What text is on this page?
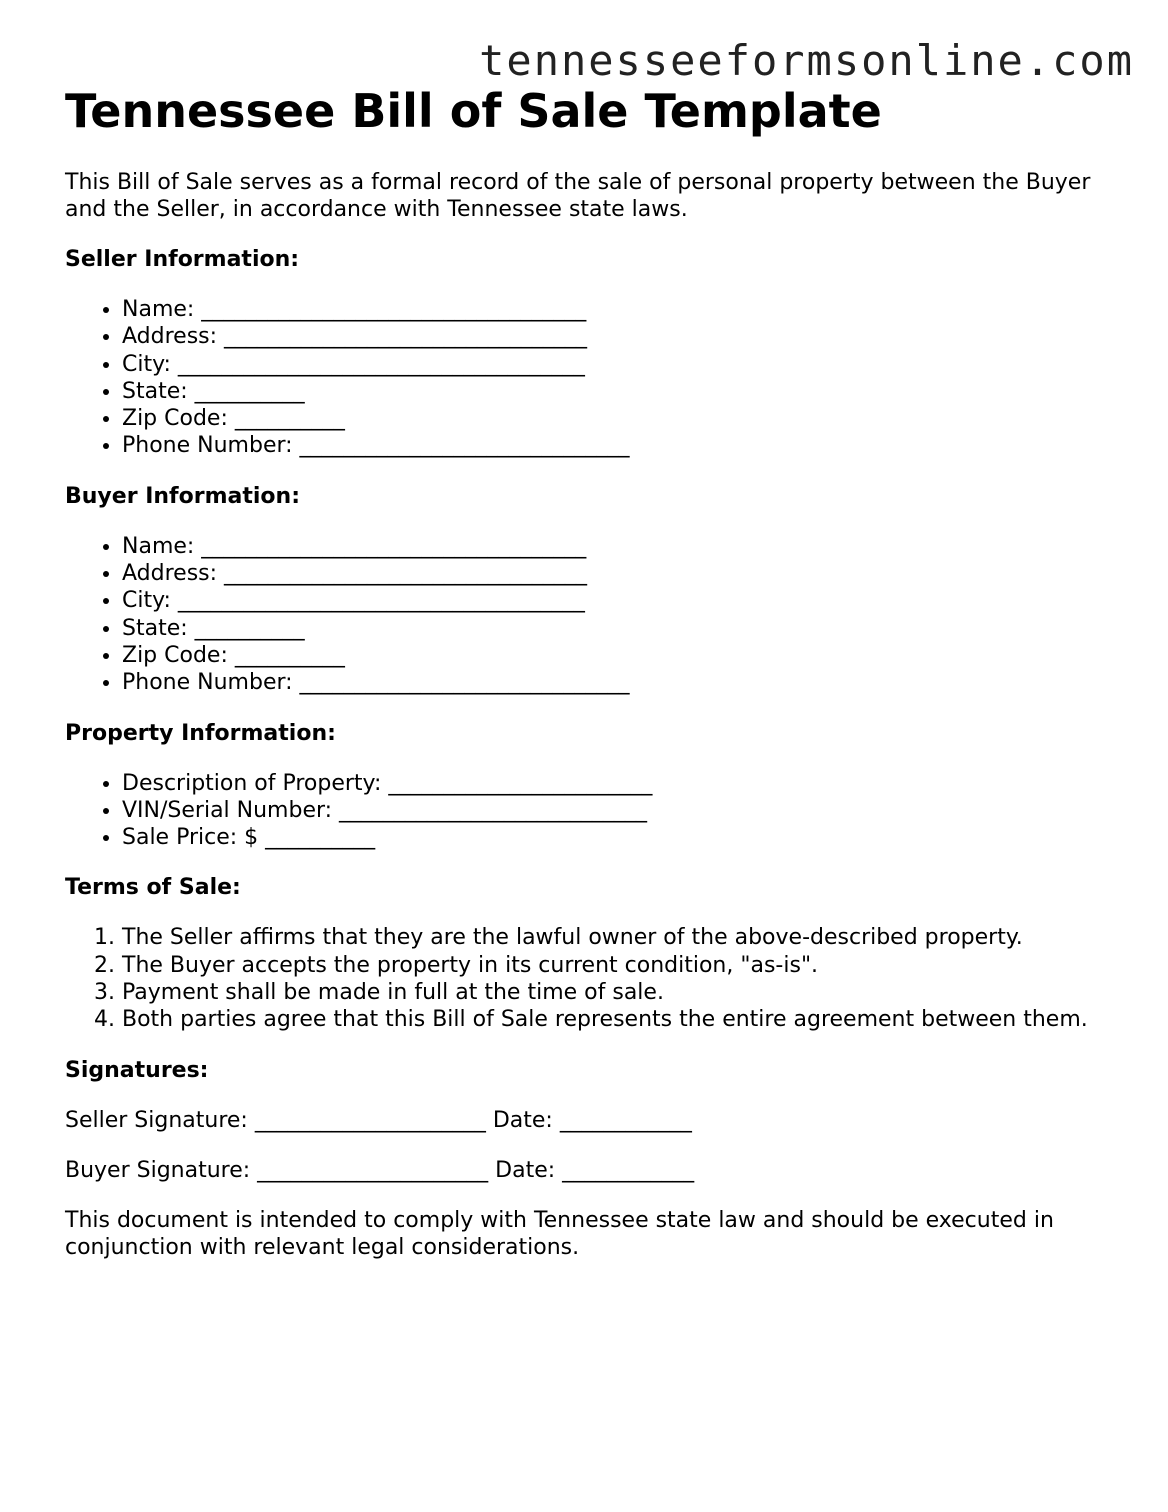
tennesseeformsonline.com
Tennessee Bill of Sale Template

This Bill of Sale serves as a formal record of the sale of personal property between the Buyer and the Seller, in accordance with Tennessee state laws.

Seller Information:
• Name: ___________________________________
• Address: _________________________________
• City: _____________________________________
• State: __________
• Zip Code: __________
• Phone Number: ______________________________
Buyer Information:
• Name: ___________________________________
• Address: _________________________________
• City: _____________________________________
• State: __________
• Zip Code: __________
• Phone Number: ______________________________
Property Information:
• Description of Property: ________________________
• VIN/Serial Number: ____________________________
• Sale Price: $ __________
Terms of Sale:
1. The Seller affirms that they are the lawful owner of the above-described property.
2. The Buyer accepts the property in its current condition, "as-is".
3. Payment shall be made in full at the time of sale.
4. Both parties agree that this Bill of Sale represents the entire agreement between them.
Signatures:

Seller Signature: _____________________ Date: ____________

Buyer Signature: _____________________ Date: ____________

This document is intended to comply with Tennessee state law and should be executed in conjunction with relevant legal considerations.
